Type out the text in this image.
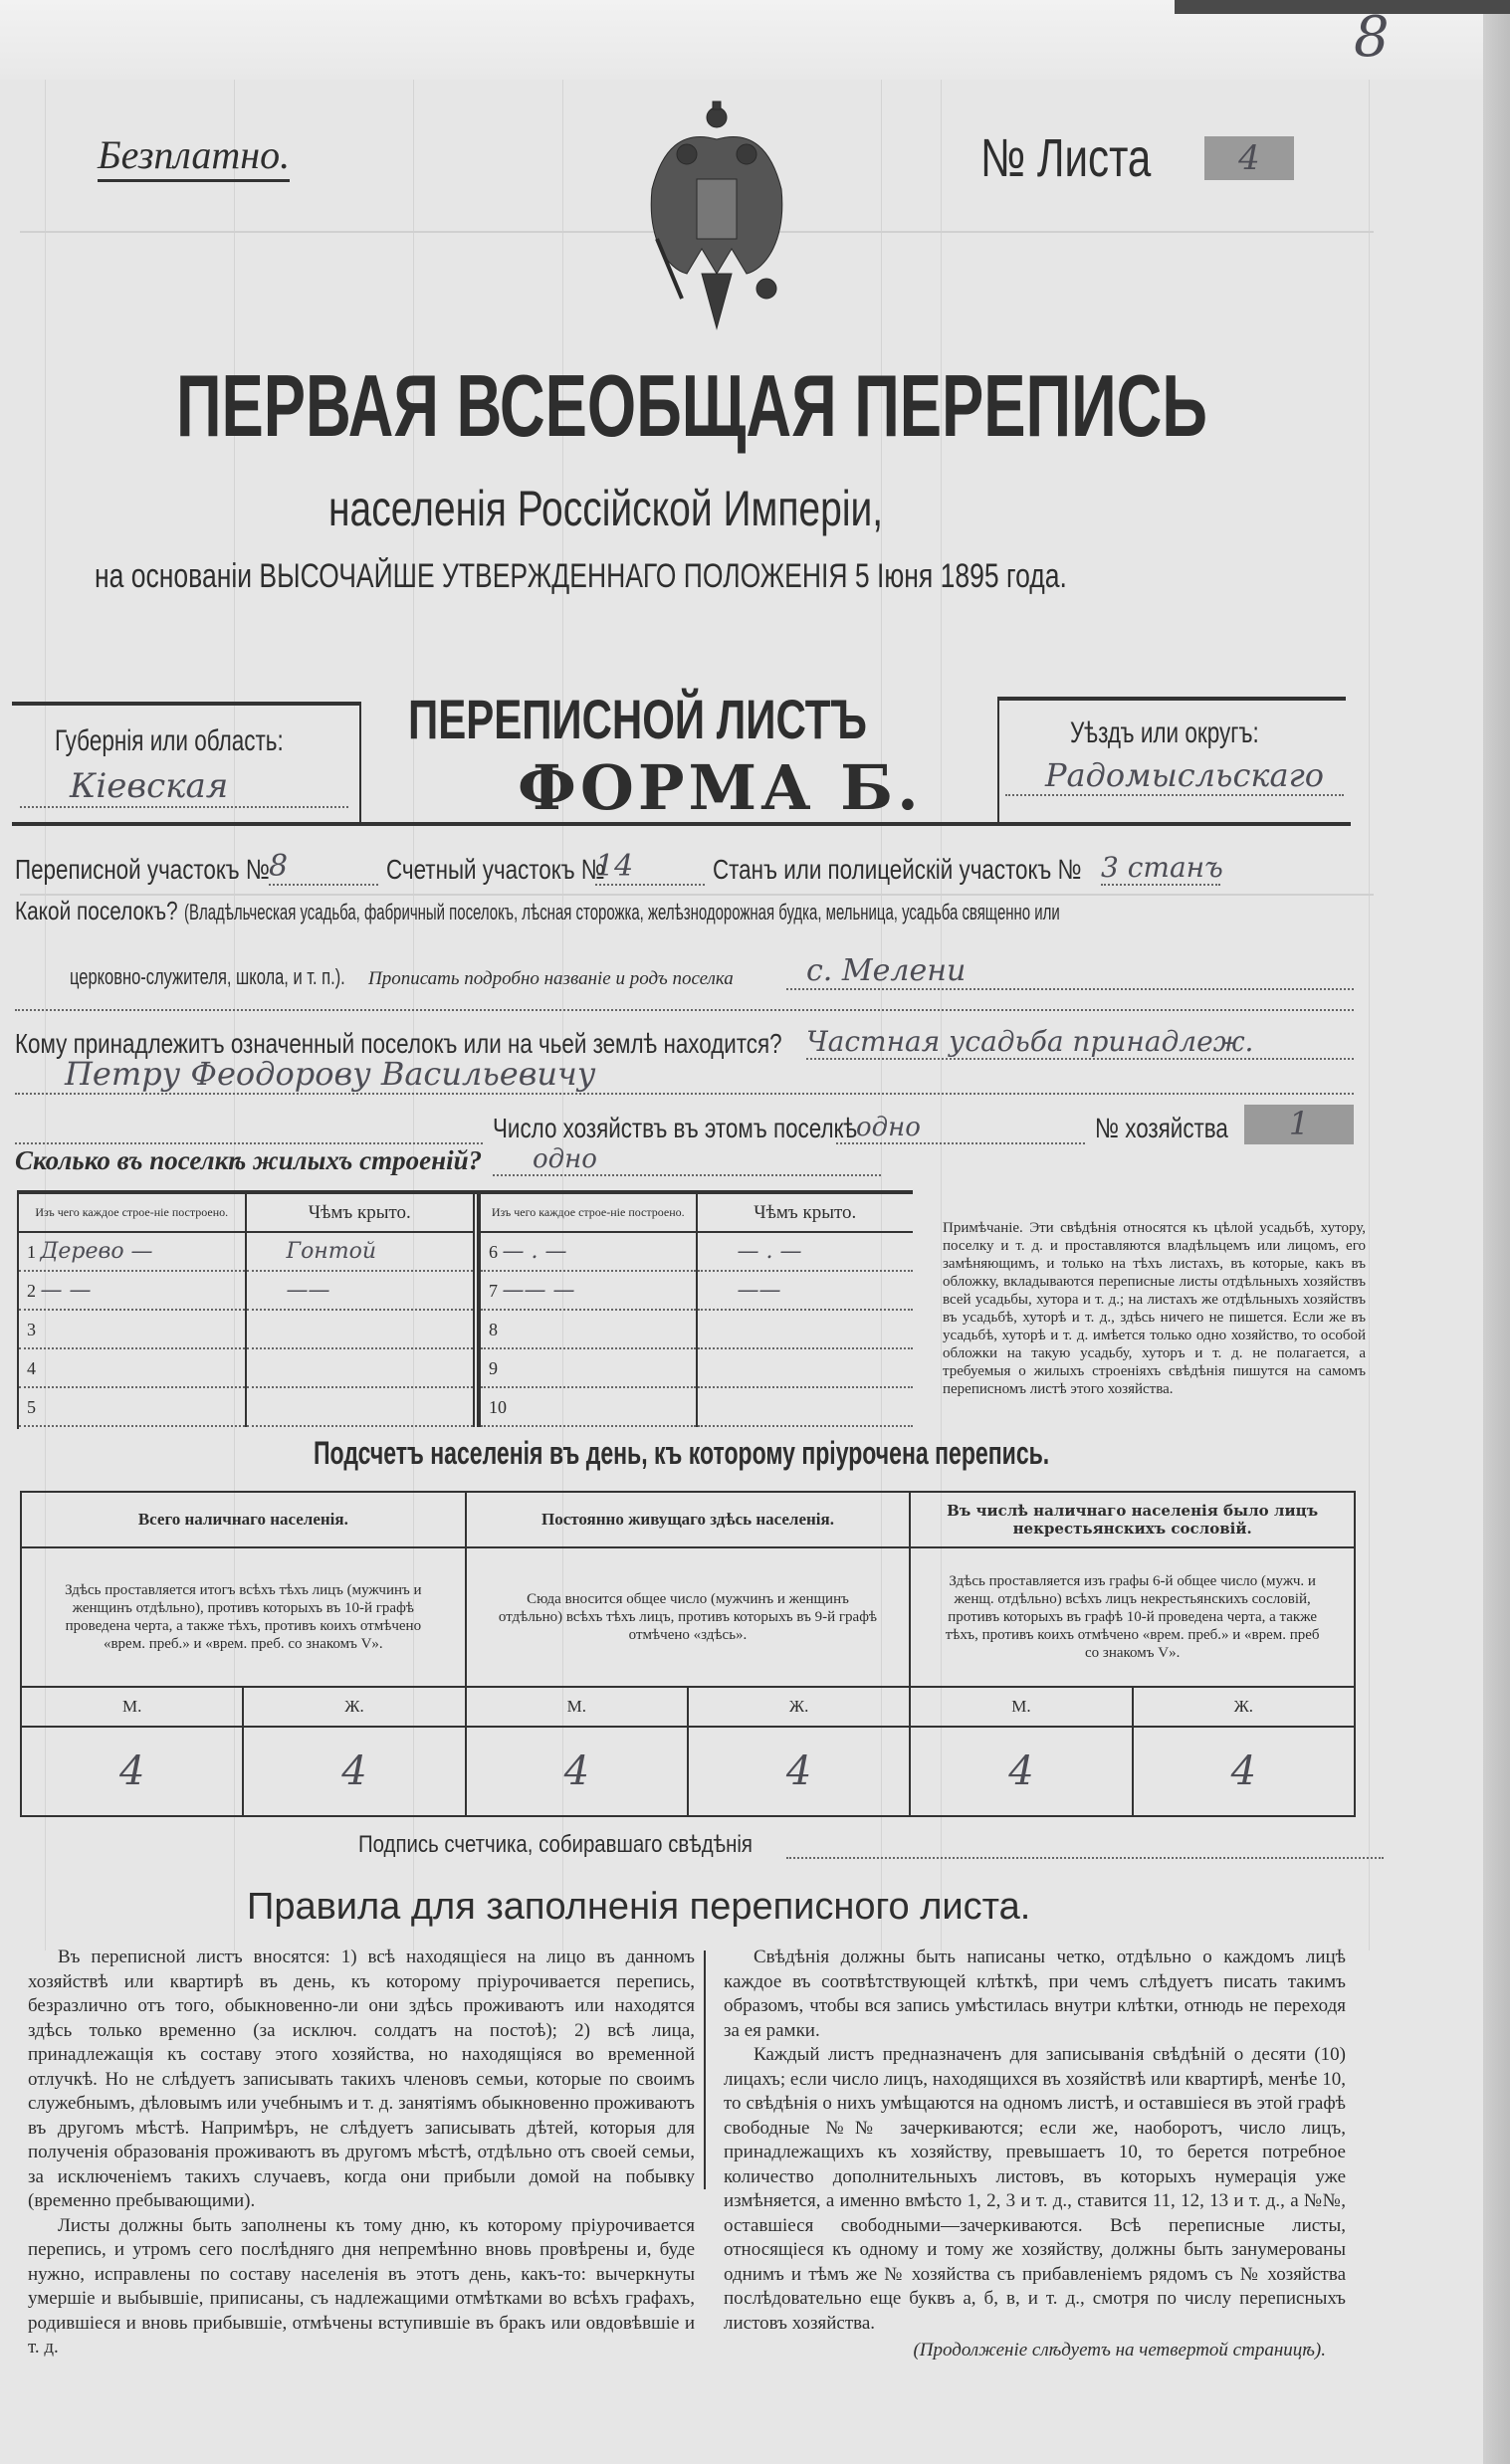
Безплатно.	№ Листа	4
8
ПЕРВАЯ ВСЕОБЩАЯ ПЕРЕПИСЬ
населенія Россійской Имперіи,
на основаніи ВЫСОЧАЙШЕ УТВЕРЖДЕННАГО ПОЛОЖЕНІЯ 5 Іюня 1895 года.
Губернія или область:
Кіевская
ПЕРЕПИСНОЙ ЛИСТЪ
ФОРМА Б.
Уѣздъ или округъ:
Радомысльскаго
Переписной участокъ № 8	Счетный участокъ №
14	Станъ или полицейскій участокъ № 3 станъ
Какой поселокъ? (Владѣльческая усадьба, фабричный поселокъ, лѣсная сторожка, желѣзнодорожная будка, мельница, усадьба священно или
церковно-служителя, школа, и т. п.). Прописать подробно названіе и родъ поселка	с. Мелени
Кому принадлежитъ означенный поселокъ или на чьей землѣ находится? Частная усадьба принадлеж.
Петру Феодорову Васильевичу
Число хозяйствъ въ этомъ поселкѣ
одно	№ хозяйства	1
Сколько въ поселкѣ жилыхъ строеній?	одно
Изъ чего каждое строе-ніе построено.	Чѣмъ крыто.
1 Дерево —	Гонтой
2 — —	——
3	
4	
5	
Изъ чего каждое строе-ніе построено.	Чѣмъ крыто.
6 — . —	— . —
7 —— —	——
8	
9	
10	
Примѣчаніе. Эти свѣдѣнія относятся къ цѣлой усадьбѣ, хутору, поселку и т. д. и проставляются владѣльцемъ или лицомъ, его замѣняющимъ, и только на тѣхъ листахъ, въ которые, какъ въ обложку, вкладываются переписные листы отдѣльныхъ хозяйствъ всей усадьбы, хутора и т. д.; на листахъ же отдѣльныхъ хозяйствъ въ усадьбѣ, хуторѣ и т. д., здѣсь ничего не пишется. Если же въ усадьбѣ, хуторѣ и т. д. имѣется только одно хозяйство, то особой обложки на такую усадьбу, хуторъ и т. д. не полагается, а требуемыя о жилыхъ строеніяхъ свѣдѣнія пишутся на самомъ переписномъ листѣ этого хозяйства.
Подсчетъ населенія въ день, къ которому пріурочена перепись.
Всего наличнаго населенія.		Постоянно живущаго здѣсь населенія.		Въ числѣ наличнаго населенія было лицъ некрестьянскихъ сословій.	
Здѣсь проставляется итогъ всѣхъ тѣхъ лицъ (мужчинъ и женщинъ отдѣльно), противъ которыхъ въ 10-й графѣ проведена черта, а также тѣхъ, противъ коихъ отмѣчено «врем. преб.» и «врем. преб. со знакомъ V».		Сюда вносится общее число (мужчинъ и женщинъ отдѣльно) всѣхъ тѣхъ лицъ, противъ которыхъ въ 9-й графѣ отмѣчено «здѣсь».		Здѣсь проставляется изъ графы 6-й общее число (мужч. и женщ. отдѣльно) всѣхъ лицъ некрестьянскихъ сословій, противъ которыхъ въ графѣ 10-й проведена черта, а также тѣхъ, противъ коихъ отмѣчено «врем. преб.» и «врем. преб со знакомъ V».	
М.	Ж.	М.	Ж.	М.	Ж.
4	4	4	4	4	4
Подпись счетчика, собиравшаго свѣдѣнія
Правила для заполненія переписного листа.

Въ переписной листъ вносятся: 1) всѣ находящіеся на лицо въ данномъ хозяйствѣ или квартирѣ въ день, къ которому пріурочивается перепись, безразлично отъ того, обыкновенно-ли они здѣсь проживаютъ или находятся здѣсь только временно (за исключ. солдатъ на постоѣ); 2) всѣ лица, принадлежащія къ составу этого хозяйства, но находящіяся во временной отлучкѣ. Но не слѣдуетъ записывать такихъ членовъ семьи, которые по своимъ служебнымъ, дѣловымъ или учебнымъ и т. д. занятіямъ обыкновенно проживаютъ въ другомъ мѣстѣ. Напримѣръ, не слѣдуетъ записывать дѣтей, которыя для полученія образованія проживаютъ въ другомъ мѣстѣ, отдѣльно отъ своей семьи, за исключеніемъ такихъ случаевъ, когда они прибыли домой на побывку (временно пребывающими).

Листы должны быть заполнены къ тому дню, къ которому пріурочивается перепись, и утромъ сего послѣдняго дня непремѣнно вновь провѣрены и, буде нужно, исправлены по составу населенія въ этотъ день, какъ-то: вычеркнуты умершіе и выбывшіе, приписаны, съ надлежащими отмѣтками во всѣхъ графахъ, родившіеся и вновь прибывшіе, отмѣчены вступившіе въ бракъ или овдовѣвшіе и т. д.

Свѣдѣнія должны быть написаны четко, отдѣльно о каждомъ лицѣ каждое въ соотвѣтствующей клѣткѣ, при чемъ слѣдуетъ писать такимъ образомъ, чтобы вся запись умѣстилась внутри клѣтки, отнюдь не переходя за ея рамки.

Каждый листъ предназначенъ для записыванія свѣдѣній о десяти (10) лицахъ; если число лицъ, находящихся въ хозяйствѣ или квартирѣ, менѣе 10, то свѣдѣнія о нихъ умѣщаются на одномъ листѣ, и оставшіеся въ этой графѣ свободные №№ зачеркиваются; если же, наоборотъ, число лицъ, принадлежащихъ къ хозяйству, превышаетъ 10, то берется потребное количество дополнительныхъ листовъ, въ которыхъ нумерація уже измѣняется, а именно вмѣсто 1, 2, 3 и т. д., ставится 11, 12, 13 и т. д., а №№, оставшіеся свободными—зачеркиваются. Всѣ переписные листы, относящіеся къ одному и тому же хозяйству, должны быть занумерованы однимъ и тѣмъ же № хозяйства съ прибавленіемъ рядомъ съ № хозяйства послѣдовательно еще буквъ а, б, в, и т. д., смотря по числу переписныхъ листовъ хозяйства.

(Продолженіе слѣдуетъ на четвертой страницѣ).
